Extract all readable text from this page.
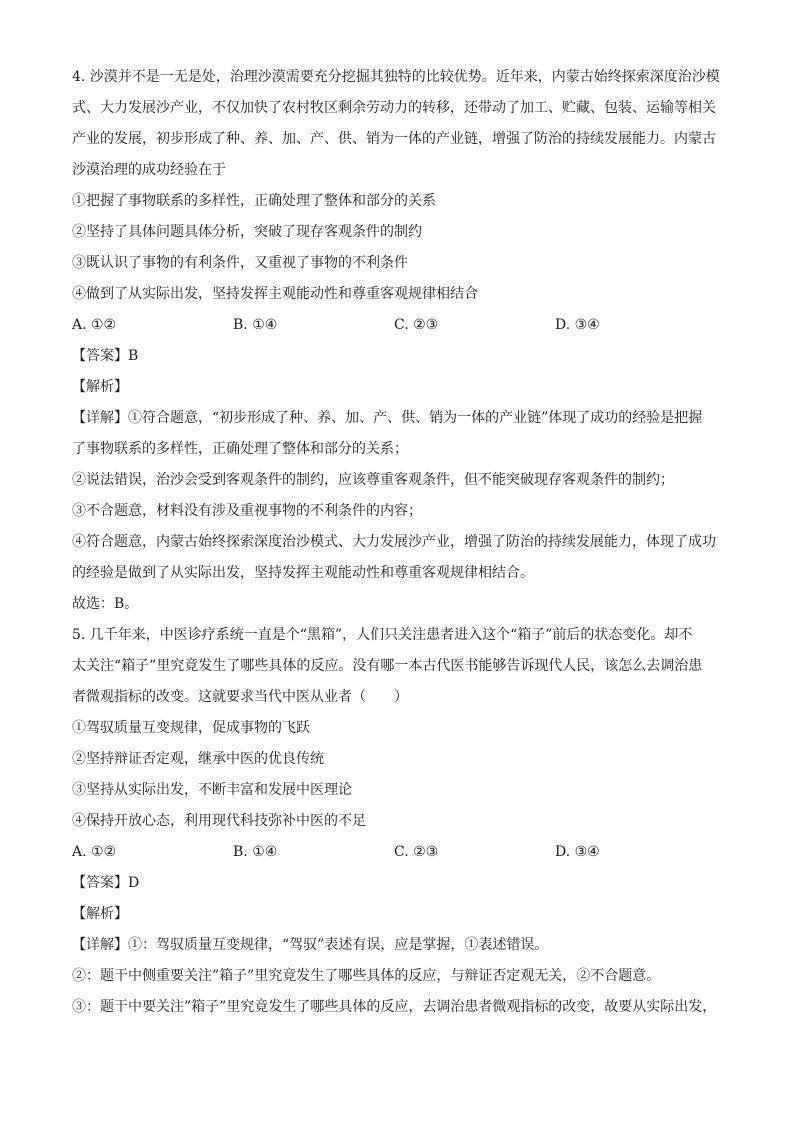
4. 沙漠并不是一无是处，治理沙漠需要充分挖掘其独特的比较优势。近年来，内蒙古始终探索深度治沙模
式、大力发展沙产业，不仅加快了农村牧区剩余劳动力的转移，还带动了加工、贮藏、包装、运输等相关
产业的发展，初步形成了种、养、加、产、供、销为一体的产业链，增强了防治的持续发展能力。内蒙古
沙漠治理的成功经验在于
①把握了事物联系的多样性，正确处理了整体和部分的关系
②坚持了具体问题具体分析，突破了现存客观条件的制约
③既认识了事物的有利条件，又重视了事物的不利条件
④做到了从实际出发，坚持发挥主观能动性和尊重客观规律相结合
A. ①②	B. ①④	C. ②③	D. ③④
【答案】B
【解析】
【详解】①符合题意，“初步形成了种、养、加、产、供、销为一体的产业链”体现了成功的经验是把握
了事物联系的多样性，正确处理了整体和部分的关系；
②说法错误，治沙会受到客观条件的制约，应该尊重客观条件，但不能突破现存客观条件的制约；
③不合题意，材料没有涉及重视事物的不利条件的内容；
④符合题意，内蒙古始终探索深度治沙模式、大力发展沙产业，增强了防治的持续发展能力，体现了成功
的经验是做到了从实际出发，坚持发挥主观能动性和尊重客观规律相结合。
故选：B。
5. 几千年来，中医诊疗系统一直是个“黑箱”，人们只关注患者进入这个“箱子”前后的状态变化。却不
太关注“箱子”里究竟发生了哪些具体的反应。没有哪一本古代医书能够告诉现代人民，该怎么去调治患
者微观指标的改变。这就要求当代中医从业者（　　）
①驾驭质量互变规律，促成事物的飞跃
②坚持辩证否定观，继承中医的优良传统
③坚持从实际出发，不断丰富和发展中医理论
④保持开放心态，利用现代科技弥补中医的不足
A. ①②	B. ①④	C. ②③	D. ③④
【答案】D
【解析】
【详解】①：驾驭质量互变规律，“驾驭”表述有误，应是掌握，①表述错误。
②：题干中侧重要关注”箱子”里究竟发生了哪些具体的反应，与辩证否定观无关，②不合题意。
③：题干中要关注”箱子”里究竟发生了哪些具体的反应，去调治患者微观指标的改变，故要从实际出发，
